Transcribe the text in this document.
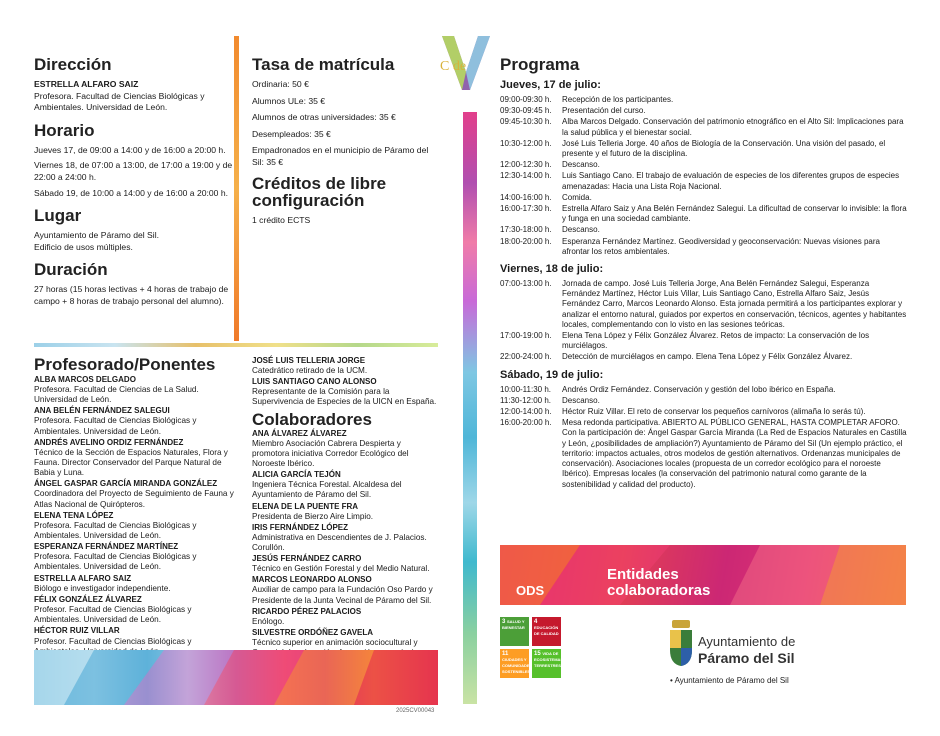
C de
Dirección

ESTRELLA ALFARO SAIZ

Profesora. Facultad de Ciencias Biológicas y Ambientales. Universidad de León.

Horario

Jueves 17, de 09:00 a 14:00 y de 16:00 a 20:00 h.

Viernes 18, de 07:00 a 13:00, de 17:00 a 19:00 y de 22:00 a 24:00 h.

Sábado 19, de 10:00 a 14:00 y de 16:00 a 20:00 h.

Lugar

Ayuntamiento de Páramo del Sil.

Edificio de usos múltiples.

Duración

27 horas (15 horas lectivas + 4 horas de trabajo de campo + 8 horas de trabajo personal del alumno).

Tasa de matrícula

Ordinaria: 50 €

Alumnos ULe: 35 €

Alumnos de otras universidades: 35 €

Desempleados: 35 €

Empadronados en el municipio de Páramo del Sil: 35 €

Créditos de libre configuración

1 crédito ECTS

Profesorado/Ponentes
ALBA MARCOS DELGADO
Profesora. Facultad de Ciencias de La Salud. Universidad de León.
ANA BELÉN FERNÁNDEZ SALEGUI
Profesora. Facultad de Ciencias Biológicas y Ambientales. Universidad de León.
ANDRÉS AVELINO ORDIZ FERNÁNDEZ
Técnico de la Sección de Espacios Naturales, Flora y Fauna. Director Conservador del Parque Natural de Babia y Luna.
ÁNGEL GASPAR GARCÍA MIRANDA GONZÁLEZ
Coordinadora del Proyecto de Seguimiento de Fauna y Atlas Nacional de Quirópteros.
ELENA TENA LÓPEZ
Profesora. Facultad de Ciencias Biológicas y Ambientales. Universidad de León.
ESPERANZA FERNÁNDEZ MARTÍNEZ
Profesora. Facultad de Ciencias Biológicas y Ambientales. Universidad de León.
ESTRELLA ALFARO SAIZ
Biólogo e investigador independiente.
FÉLIX GONZÁLEZ ÁLVAREZ
Profesor. Facultad de Ciencias Biológicas y Ambientales. Universidad de León.
HÉCTOR RUIZ VILLAR
Profesor. Facultad de Ciencias Biológicas y
JOSÉ LUIS TELLERIA JORGE
Catedrático retirado de la UCM.
LUIS SANTIAGO CANO ALONSO
Representante de la Comisión para la Supervivencia de Especies de la UICN en España.
Colaboradores
ANA ÁLVAREZ ÁLVAREZ
Miembro Asociación Cabrera Despierta y promotora iniciativa Corredor Ecológico del Noroeste Ibérico.
ALICIA GARCÍA TEJÓN
Ingeniera Técnica Forestal. Alcaldesa del Ayuntamiento de Páramo del Sil.
ELENA DE LA PUENTE FRA
Presidenta de Bierzo Aire Limpio.
IRIS FERNÁNDEZ LÓPEZ
Administrativa en Descendientes de J. Palacios. Corullón.
JESÚS FERNÁNDEZ CARRO
Técnico en Gestión Forestal y del Medio Natural.
MARCOS LEONARDO ALONSO
Auxiliar de campo para la Fundación Oso Pardo y Presidente de la Junta Vecinal de Páramo del Sil.
RICARDO PÉREZ PALACIOS
Enólogo.
SILVESTRE ORDÓÑEZ GAVELA
Técnico superior en animación sociocultural y
Programa
Jueves, 17 de julio:
09:00-09:30 h.	Recepción de los participantes.
09:30-09:45 h.	Presentación del curso.
09:45-10:30 h.	Alba Marcos Delgado. Conservación del patrimonio etnográfico en el Alto Sil: Implicaciones para la salud pública y el bienestar social.
10:30-12:00 h.	José Luis Telleria Jorge. 40 años de Biología de la Conservación. Una visión del pasado, el presente y el futuro de la disciplina.
12:00-12:30 h.	Descanso.
12:30-14:00 h.	Luis Santiago Cano. El trabajo de evaluación de especies de los diferentes grupos de especies amenazadas: Hacia una Lista Roja Nacional.
14:00-16:00 h.	Comida.
16:00-17:30 h.	Estrella Alfaro Saiz y Ana Belén Fernández Salegui. La dificultad de conservar lo invisible: la flora y funga en una sociedad cambiante.
17:30-18:00 h.	Descanso.
18:00-20:00 h.	Esperanza Fernández Martínez. Geodiversidad y geoconservación: Nuevas visiones para afrontar los retos ambientales.
Viernes, 18 de julio:
07:00-13:00 h.	Jornada de campo. José Luis Telleria Jorge, Ana Belén Fernández Salegui, Esperanza Fernández Martínez, Héctor Luis Villar, Luis Santiago Cano, Estrella Alfaro Saiz, Jesús Fernández Carro, Marcos Leonardo Alonso. Esta jornada permitirá a los participantes explorar y analizar el entorno natural, guiados por expertos en conservación, técnicos, agentes y habitantes locales, complementando con lo visto en las sesiones teóricas.
17:00-19:00 h.	Elena Tena López y Félix González Álvarez. Retos de impacto: La conservación de los murciélagos.
22:00-24:00 h.	Detección de murciélagos en campo. Elena Tena López y Félix González Álvarez.
Sábado, 19 de julio:
10:00-11:30 h.	Andrés Ordiz Fernández. Conservación y gestión del lobo ibérico en España.
11:30-12:00 h.	Descanso.
12:00-14:00 h.	Héctor Ruiz Villar. El reto de conservar los pequeños carnívoros (alimaña lo serás tú).
16:00-20:00 h.	Mesa redonda participativa. ABIERTO AL PÚBLICO GENERAL, HASTA COMPLETAR AFORO. Con la participación de: Ángel Gaspar García Miranda (La Red de Espacios Naturales en Castilla y León, ¿posibilidades de ampliación?) Ayuntamiento de Páramo del Sil (Un ejemplo práctico, el territorio: impactos actuales, otros modelos de gestión alternativos. Ordenanzas municipales de conservación). Asociaciones locales (propuesta de un corredor ecológico para el noroeste Ibérico). Empresas locales (la conservación del patrimonio natural como garante de la sostenibilidad y calidad del producto).
ODS
Entidades colaboradoras
3 SALUD Y BIENESTAR
4 EDUCACIÓN DE CALIDAD
11 CIUDADES Y COMUNIDADES SOSTENIBLES
15 VIDA DE ECOSISTEMAS TERRESTRES
Ayuntamiento de
Páramo del Sil
• Ayuntamiento de Páramo del Sil
2025CV00043
